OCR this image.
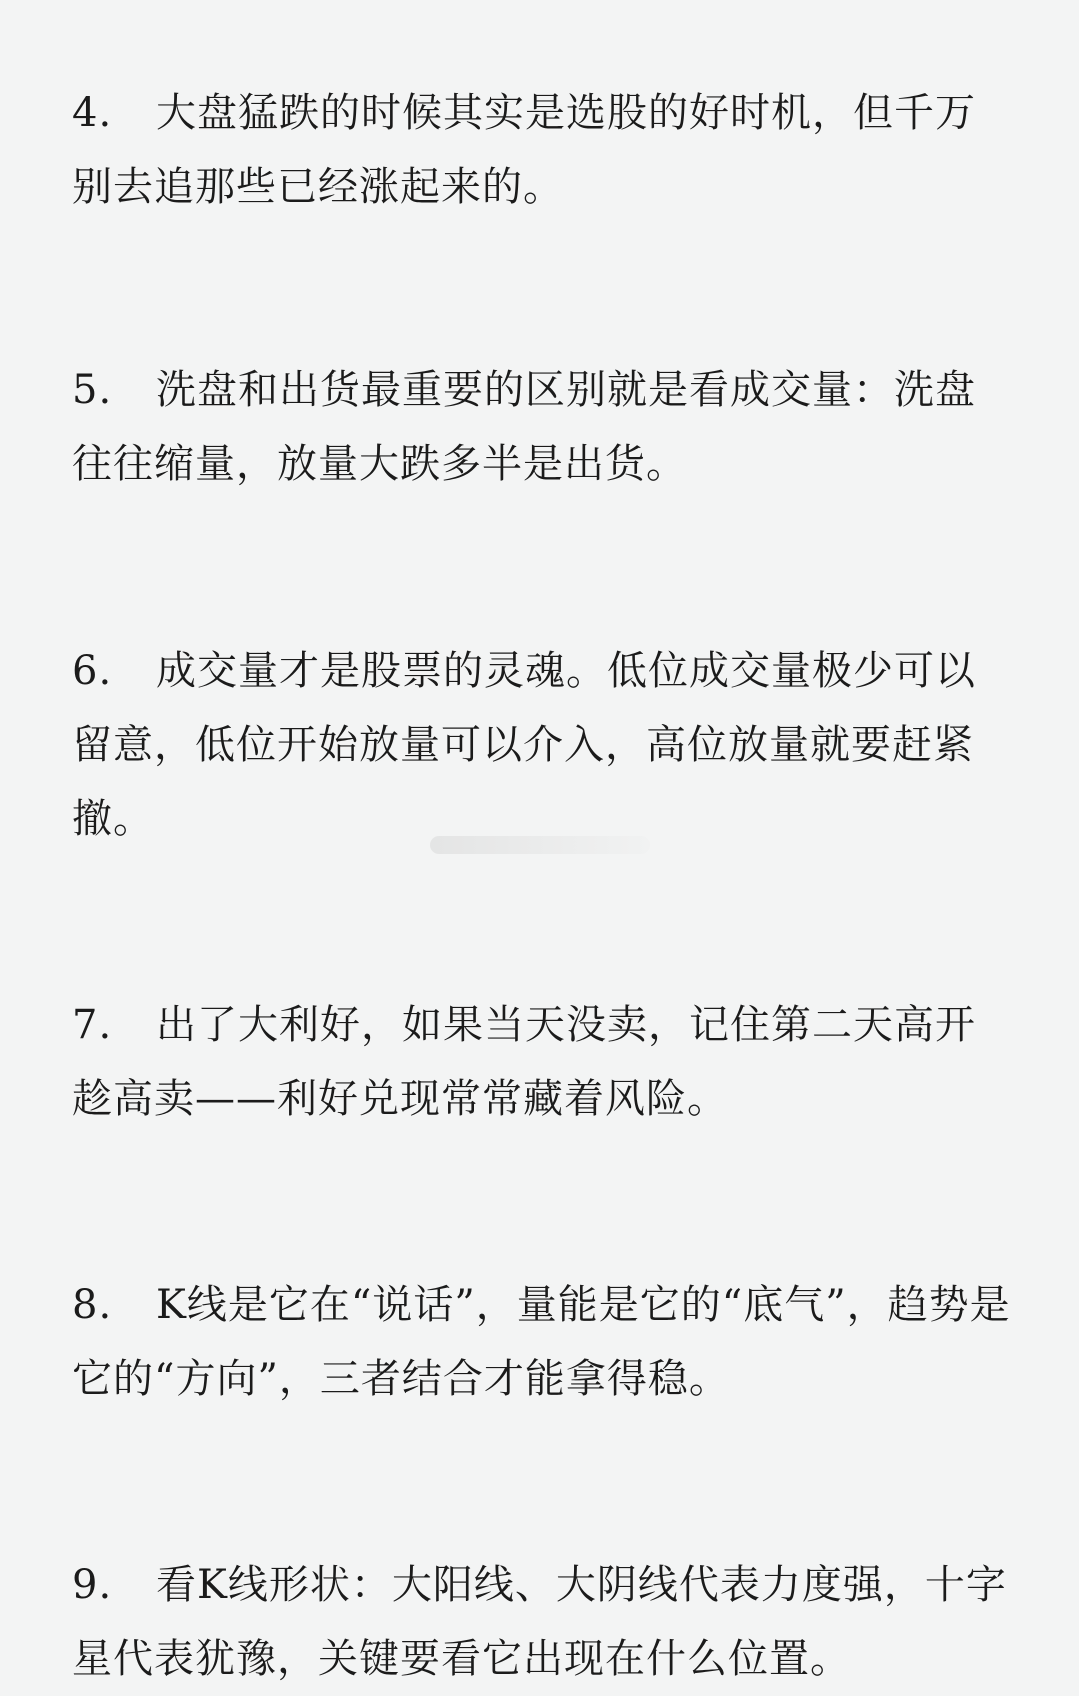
4. 大盘猛跌的时候其实是选股的好时机，但千万别去追那些已经涨起来的。
5. 洗盘和出货最重要的区别就是看成交量：洗盘往往缩量，放量大跌多半是出货。
6. 成交量才是股票的灵魂。低位成交量极少可以留意，低位开始放量可以介入，高位放量就要赶紧撤。
7. 出了大利好，如果当天没卖，记住第二天高开趁高卖——利好兑现常常藏着风险。
8. K线是它在“说话”，量能是它的“底气”，趋势是它的“方向”，三者结合才能拿得稳。
9. 看K线形状：大阳线、大阴线代表力度强，十字星代表犹豫，关键要看它出现在什么位置。
